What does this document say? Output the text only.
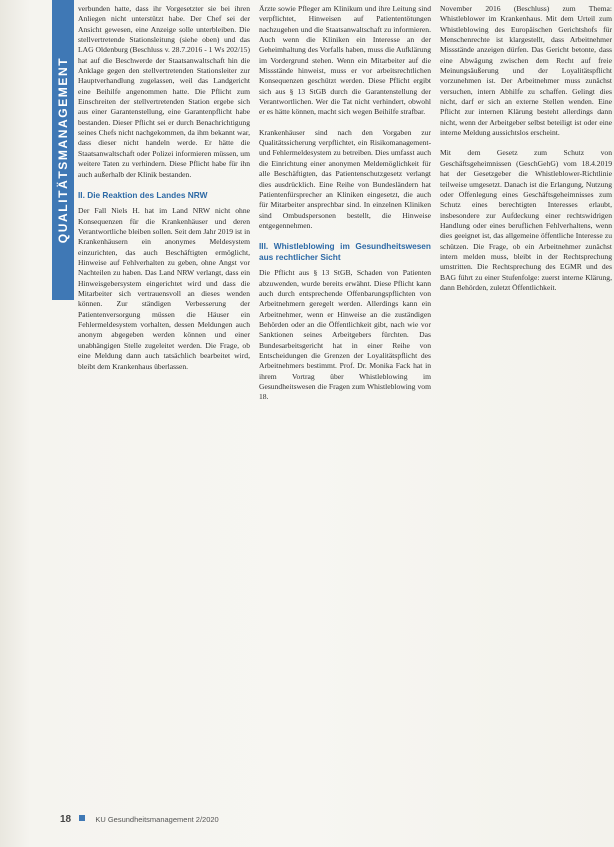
QUALITÄTSMANAGEMENT

verbunden hatte, dass ihr Vorgesetzter sie bei ihren Anliegen nicht unterstützt habe. Der Chef sei der Ansicht gewesen, eine Anzeige solle unterbleiben. Die stellvertretende Stationsleitung (siehe oben) und das LAG Oldenburg (Beschluss v. 28.7.2016 - 1 Ws 202/15) hat auf die Beschwerde der Staatsanwaltschaft hin die Anklage gegen den stellvertretenden Stationsleiter zur Hauptverhandlung zugelassen, weil das Landgericht eine Beihilfe angenommen hatte. Die Pflicht zum Einschreiten der stellvertretenden Station ergebe sich aus einer Garantenstellung, eine Garantenpflicht habe bestanden. Dieser Pflicht sei er durch Benachrichtigung seines Chefs nicht nachgekommen, da ihm bekannt war, dass dieser nicht handeln werde. Er hätte die Staatsanwaltschaft oder Polizei informieren müssen, um weitere Taten zu verhindern. Diese Pflicht habe für ihn auch außerhalb der Klinik bestanden.

II. Die Reaktion des Landes NRW

Der Fall Niels H. hat im Land NRW nicht ohne Konsequenzen für die Krankenhäuser und deren Verantwortliche bleiben sollen. Seit dem Jahr 2019 ist in Krankenhäusern ein anonymes Meldesystem einzurichten, das auch Beschäftigten ermöglicht, Hinweise auf Fehlverhalten zu geben, ohne Angst vor Nachteilen zu haben. Das Land NRW verlangt, dass ein Hinweisgebersystem eingerichtet wird und dass die Mitarbeiter sich vertrauensvoll an dieses wenden können. Zur ständigen Verbesserung der Patientenversorgung müssen die Häuser ein Fehlermeldesystem vorhalten, dessen Meldungen auch anonym abgegeben werden können und einer unabhängigen Stelle zugeleitet werden. Die Frage, ob eine Meldung dann auch tatsächlich bearbeitet wird, bleibt dem Krankenhaus überlassen.

Ärzte sowie Pfleger am Klinikum und ihre Leitung sind verpflichtet, Hinweisen auf Patiententötungen nachzugehen und die Staatsanwaltschaft zu informieren. Auch wenn die Kliniken ein Interesse an der Geheimhaltung des Vorfalls haben, muss die Aufklärung im Vordergrund stehen. Wenn ein Mitarbeiter auf die Missstände hinweist, muss er vor arbeitsrechtlichen Konsequenzen geschützt werden. Diese Pflicht ergibt sich aus § 13 StGB durch die Garantenstellung der Verantwortlichen. Wer die Tat nicht verhindert, obwohl er es hätte können, macht sich wegen Beihilfe strafbar.

Krankenhäuser sind nach den Vorgaben zur Qualitätssicherung verpflichtet, ein Risikomanagement- und Fehlermeldesystem zu betreiben. Dies umfasst auch die Einrichtung einer anonymen Meldemöglichkeit für alle Beschäftigten, das Patientenschutzgesetz verlangt dies ausdrücklich. Eine Reihe von Bundesländern hat Patientenfürsprecher an Kliniken eingesetzt, die auch für Mitarbeiter ansprechbar sind. In einzelnen Kliniken sind Ombudspersonen bestellt, die Hinweise entgegennehmen.

III. Whistleblowing im Gesundheitswesen aus rechtlicher Sicht

Die Pflicht aus § 13 StGB, Schaden von Patienten abzuwenden, wurde bereits erwähnt. Diese Pflicht kann auch durch entsprechende Offenbarungspflichten von Arbeitnehmern geregelt werden. Allerdings kann ein Arbeitnehmer, wenn er Hinweise an die zuständigen Behörden oder an die Öffentlichkeit gibt, nach wie vor Sanktionen seines Arbeitgebers fürchten. Das Bundesarbeitsgericht hat in einer Reihe von Entscheidungen die Grenzen der Loyalitätspflicht des Arbeitnehmers bestimmt. Prof. Dr. Monika Fack hat in ihrem Vortrag über Whistleblowing im Gesundheitswesen die Fragen zum Whistleblowing vom 18.

November 2016 (Beschluss) zum Thema: Whistleblower im Krankenhaus. Mit dem Urteil zum Whistleblowing des Europäischen Gerichtshofs für Menschenrechte ist klargestellt, dass Arbeitnehmer Missstände anzeigen dürfen. Das Gericht betonte, dass eine Abwägung zwischen dem Recht auf freie Meinungsäußerung und der Loyalitätspflicht vorzunehmen ist. Der Arbeitnehmer muss zunächst versuchen, intern Abhilfe zu schaffen. Gelingt dies nicht, darf er sich an externe Stellen wenden. Eine Pflicht zur internen Klärung besteht allerdings dann nicht, wenn der Arbeitgeber selbst beteiligt ist oder eine interne Meldung aussichtslos erscheint.

Mit dem Gesetz zum Schutz von Geschäftsgeheimnissen (GeschGehG) vom 18.4.2019 hat der Gesetzgeber die Whistleblower-Richtlinie teilweise umgesetzt. Danach ist die Erlangung, Nutzung oder Offenlegung eines Geschäftsgeheimnisses zum Schutz eines berechtigten Interesses erlaubt, insbesondere zur Aufdeckung einer rechtswidrigen Handlung oder eines beruflichen Fehlverhaltens, wenn dies geeignet ist, das allgemeine öffentliche Interesse zu schützen. Die Frage, ob ein Arbeitnehmer zunächst intern melden muss, bleibt in der Rechtsprechung umstritten. Die Rechtsprechung des EGMR und des BAG führt zu einer Stufenfolge: zuerst interne Klärung, dann Behörden, zuletzt Öffentlichkeit.

18	KU Gesundheitsmanagement 2/2020
